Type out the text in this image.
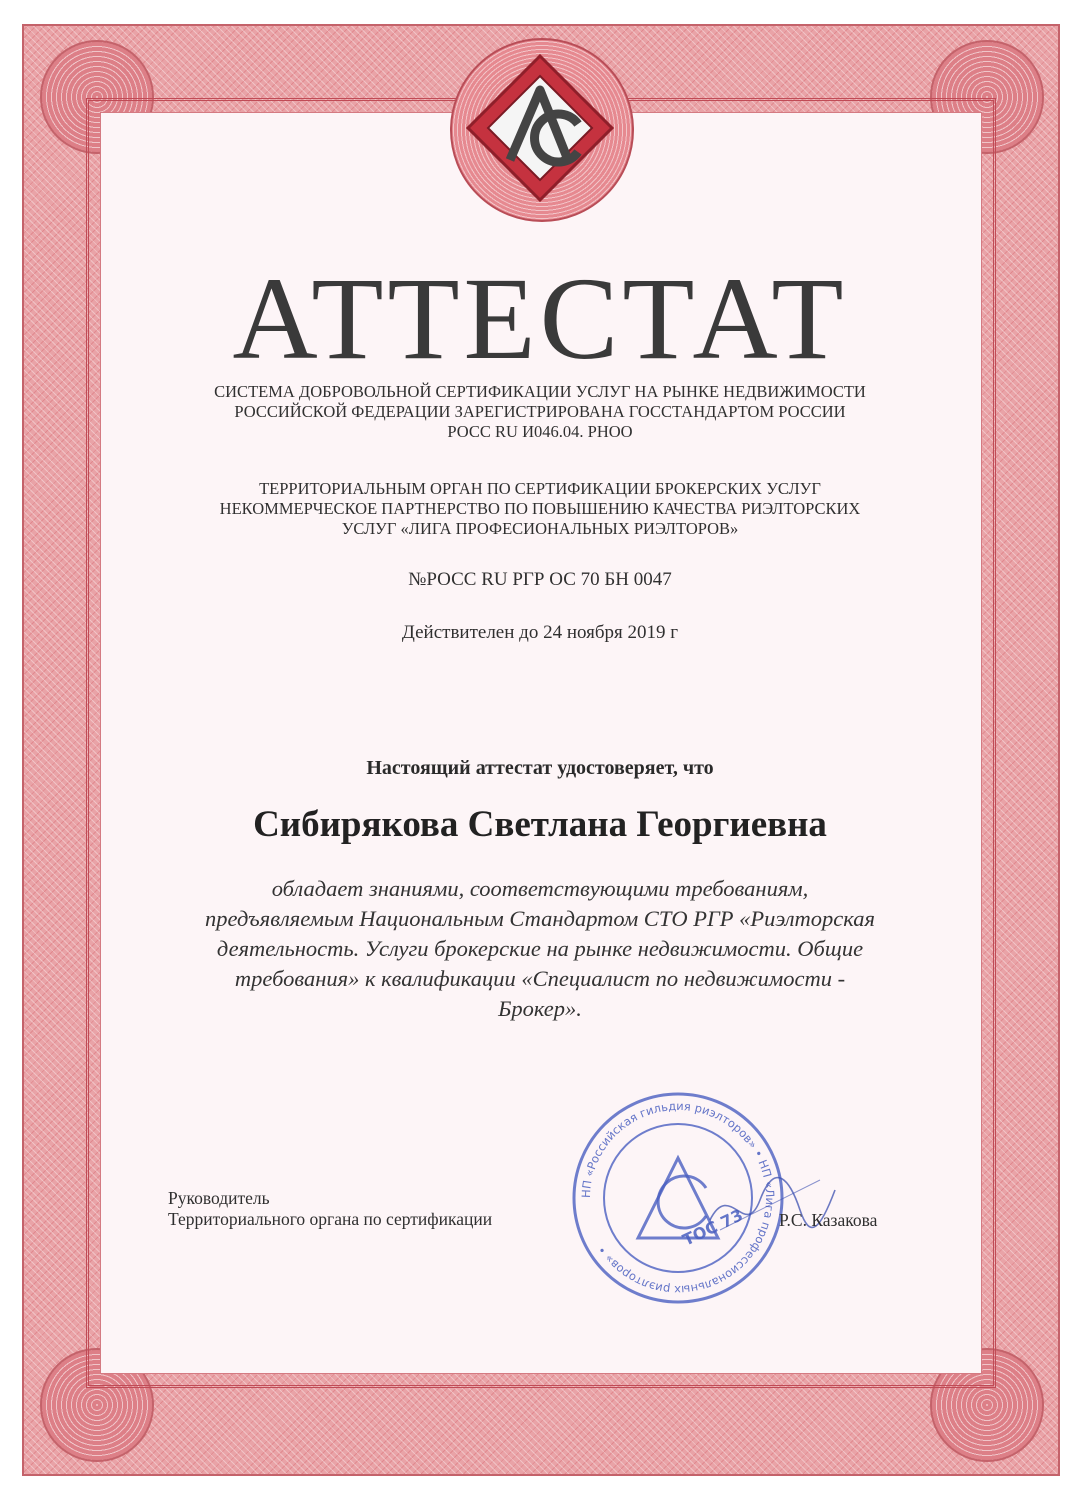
АТТЕСТАТ
СИСТЕМА ДОБРОВОЛЬНОЙ СЕРТИФИКАЦИИ УСЛУГ НА РЫНКЕ НЕДВИЖИМОСТИ
РОССИЙСКОЙ ФЕДЕРАЦИИ ЗАРЕГИСТРИРОВАНА ГОССТАНДАРТОМ РОССИИ
РОСС RU И046.04. РНОО
ТЕРРИТОРИАЛЬНЫМ ОРГАН ПО СЕРТИФИКАЦИИ БРОКЕРСКИХ УСЛУГ
НЕКОММЕРЧЕСКОЕ ПАРТНЕРСТВО ПО ПОВЫШЕНИЮ КАЧЕСТВА РИЭЛТОРСКИХ
УСЛУГ «ЛИГА ПРОФЕСИОНАЛЬНЫХ РИЭЛТОРОВ»
№РОСС RU РГР ОС 70 БН 0047
Действителен до 24 ноября 2019 г
Настоящий аттестат удостоверяет, что
Сибирякова Светлана Георгиевна
обладает знаниями, соответствующими требованиям,
предъявляемым Национальным Стандартом СТО РГР «Риэлторская
деятельность. Услуги брокерские на рынке недвижимости. Общие
требования» к квалификации «Специалист по недвижимости -
Брокер».
Руководитель
Территориального органа по сертификации
НП «Российская гильдия риэлторов» • НП «Лига профессиональных риэлторов» •
ТОС 73 Р.С. Казакова
